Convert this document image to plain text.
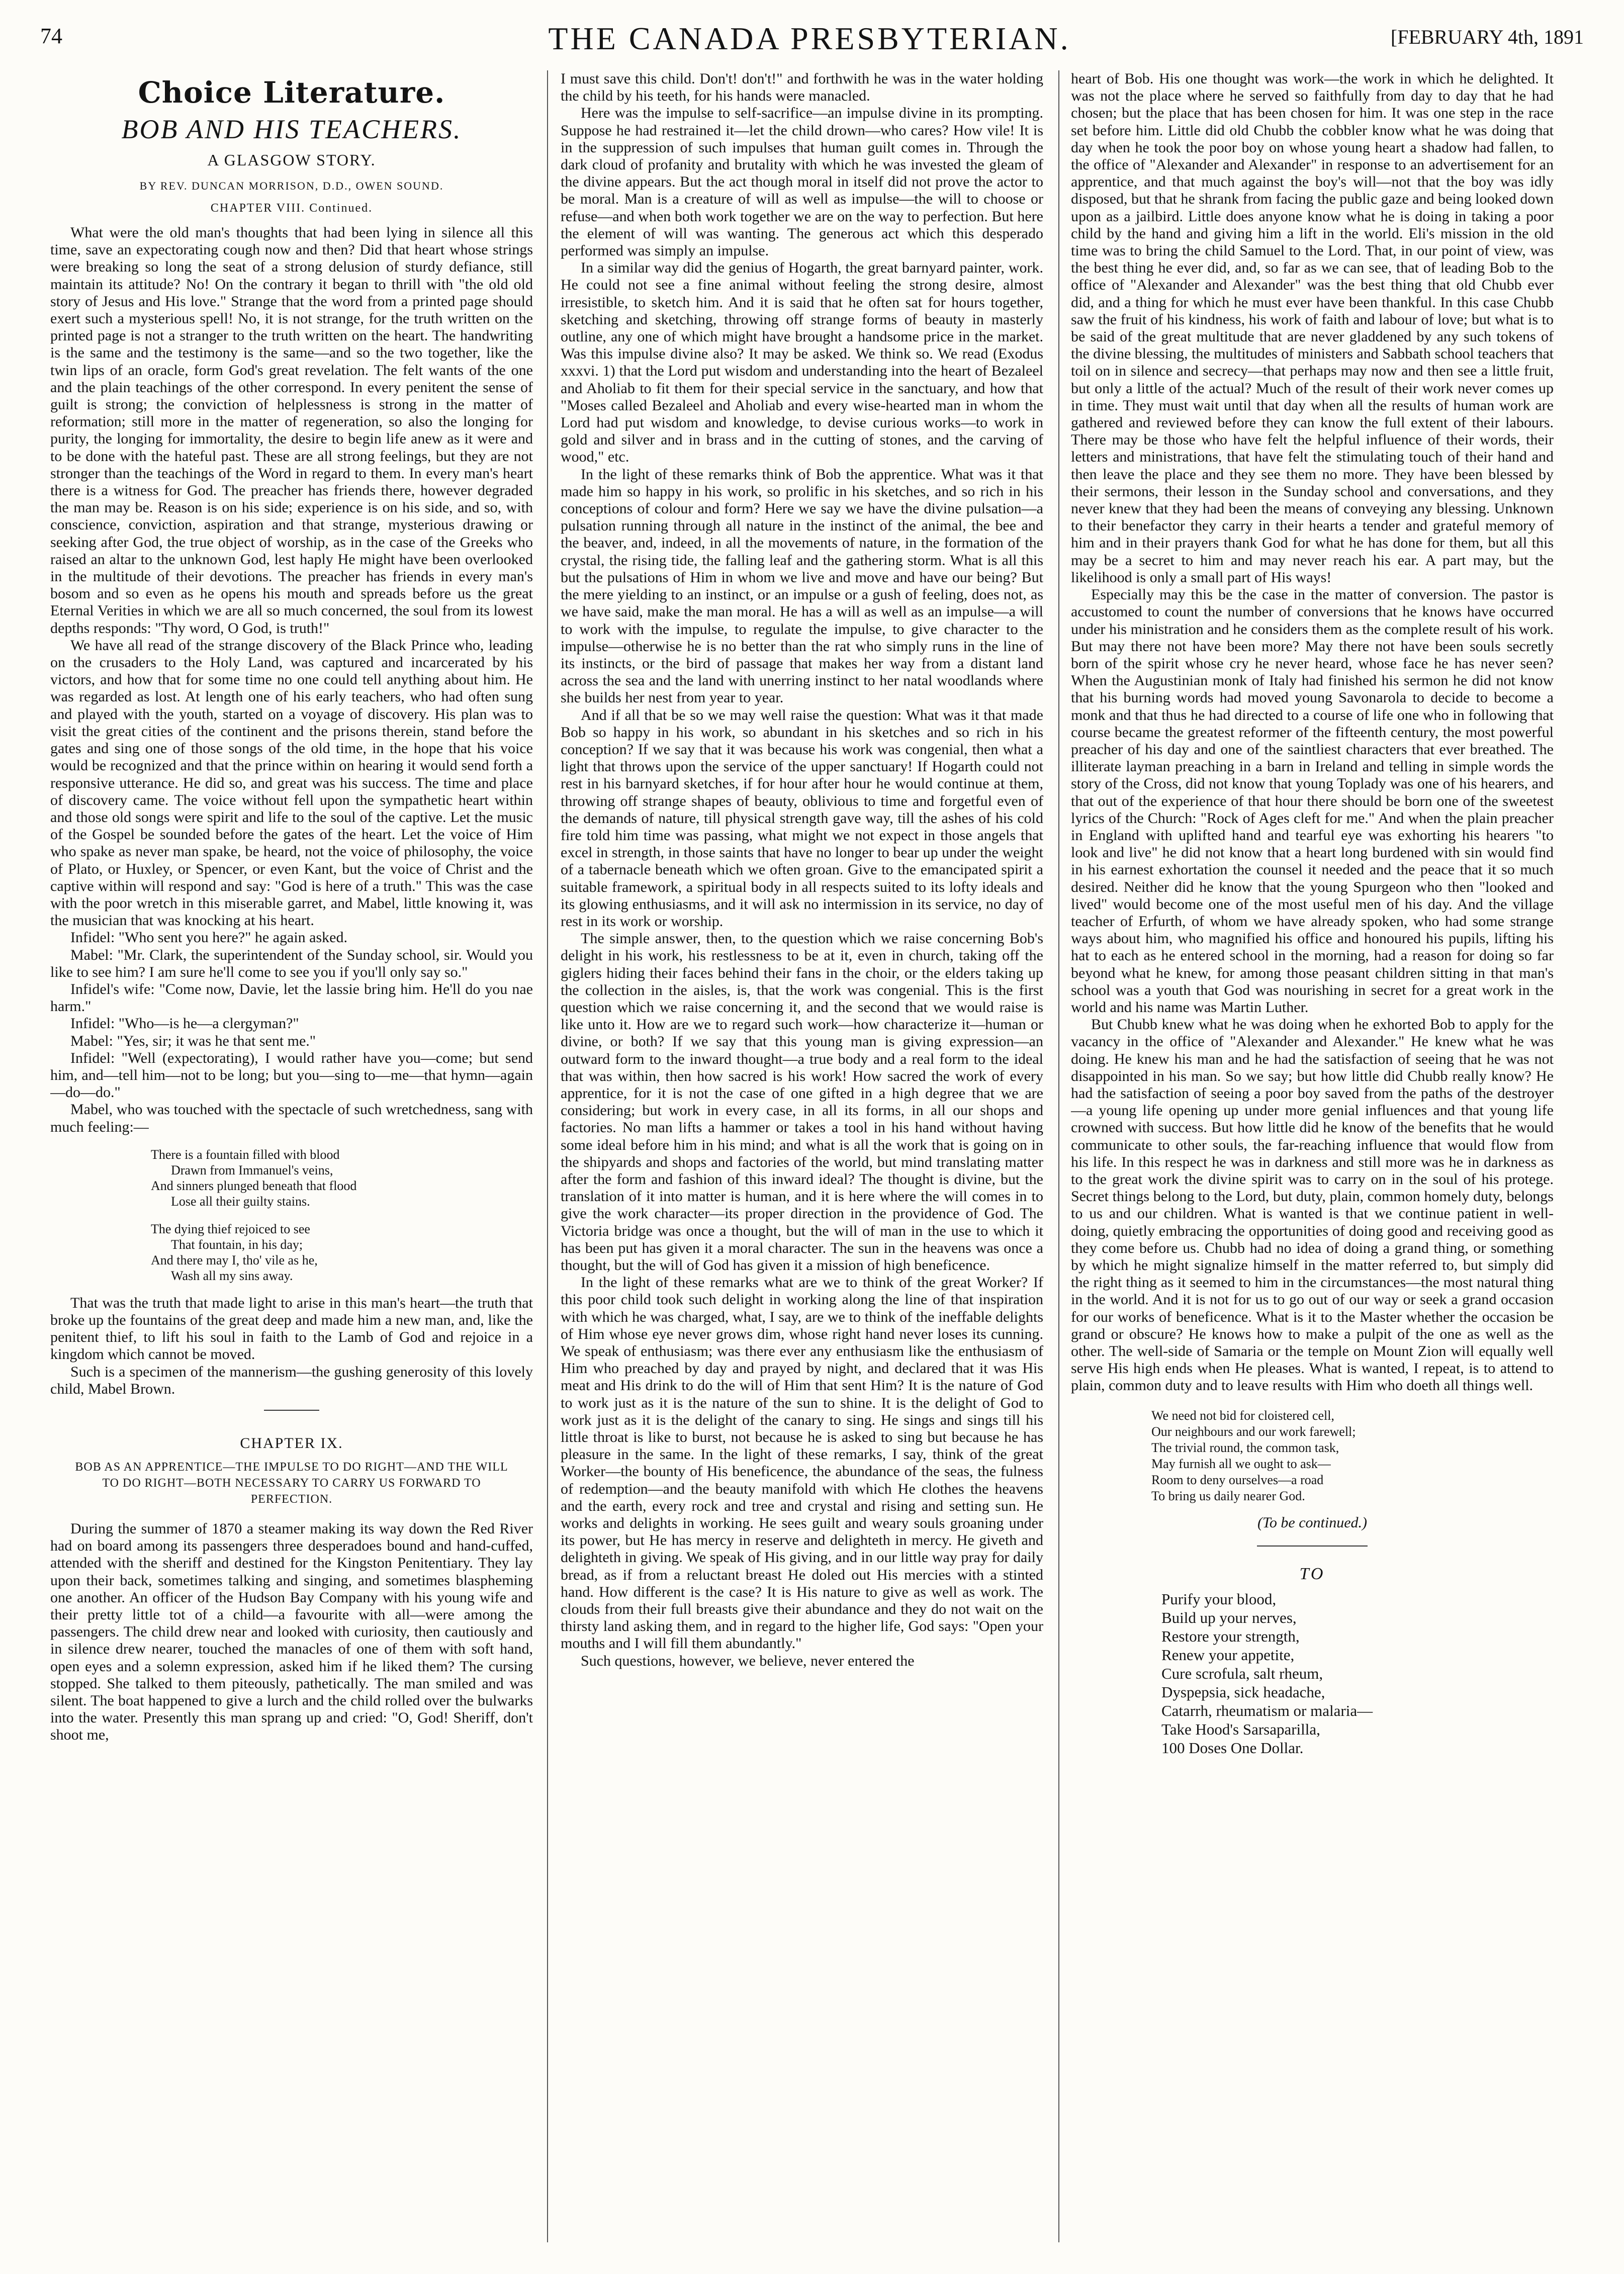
74	THE CANADA PRESBYTERIAN.	[FEBRUARY 4th, 1891
Choice Literature.
BOB AND HIS TEACHERS.
A GLASGOW STORY.
BY REV. DUNCAN MORRISON, D.D., OWEN SOUND.
CHAPTER VIII. Continued.

What were the old man's thoughts that had been lying in silence all this time, save an expectorating cough now and then? Did that heart whose strings were breaking so long the seat of a strong delusion of sturdy defiance, still maintain its attitude? No! On the contrary it began to thrill with "the old old story of Jesus and His love." Strange that the word from a printed page should exert such a mysterious spell! No, it is not strange, for the truth written on the printed page is not a stranger to the truth written on the heart. The handwriting is the same and the testimony is the same—and so the two together, like the twin lips of an oracle, form God's great revelation. The felt wants of the one and the plain teachings of the other correspond. In every penitent the sense of guilt is strong; the conviction of helplessness is strong in the matter of reformation; still more in the matter of regeneration, so also the longing for purity, the longing for immortality, the desire to begin life anew as it were and to be done with the hateful past. These are all strong feelings, but they are not stronger than the teachings of the Word in regard to them. In every man's heart there is a witness for God. The preacher has friends there, however degraded the man may be. Reason is on his side; experience is on his side, and so, with conscience, conviction, aspiration and that strange, mysterious drawing or seeking after God, the true object of worship, as in the case of the Greeks who raised an altar to the unknown God, lest haply He might have been overlooked in the multitude of their devotions. The preacher has friends in every man's bosom and so even as he opens his mouth and spreads before us the great Eternal Verities in which we are all so much concerned, the soul from its lowest depths responds: "Thy word, O God, is truth!"

We have all read of the strange discovery of the Black Prince who, leading on the crusaders to the Holy Land, was captured and incarcerated by his victors, and how that for some time no one could tell anything about him. He was regarded as lost. At length one of his early teachers, who had often sung and played with the youth, started on a voyage of discovery. His plan was to visit the great cities of the continent and the prisons therein, stand before the gates and sing one of those songs of the old time, in the hope that his voice would be recognized and that the prince within on hearing it would send forth a responsive utterance. He did so, and great was his success. The time and place of discovery came. The voice without fell upon the sympathetic heart within and those old songs were spirit and life to the soul of the captive. Let the music of the Gospel be sounded before the gates of the heart. Let the voice of Him who spake as never man spake, be heard, not the voice of philosophy, the voice of Plato, or Huxley, or Spencer, or even Kant, but the voice of Christ and the captive within will respond and say: "God is here of a truth." This was the case with the poor wretch in this miserable garret, and Mabel, little knowing it, was the musician that was knocking at his heart.

Infidel: "Who sent you here?" he again asked.

Mabel: "Mr. Clark, the superintendent of the Sunday school, sir. Would you like to see him? I am sure he'll come to see you if you'll only say so."

Infidel's wife: "Come now, Davie, let the lassie bring him. He'll do you nae harm."

Infidel: "Who—is he—a clergyman?"

Mabel: "Yes, sir; it was he that sent me."

Infidel: "Well (expectorating), I would rather have you—come; but send him, and—tell him—not to be long; but you—sing to—me—that hymn—again—do—do."

Mabel, who was touched with the spectacle of such wretchedness, sang with much feeling:—

There is a fountain filled with blood
Drawn from Immanuel's veins,
And sinners plunged beneath that flood
Lose all their guilty stains.
The dying thief rejoiced to see
That fountain, in his day;
And there may I, tho' vile as he,
Wash all my sins away.

That was the truth that made light to arise in this man's heart—the truth that broke up the fountains of the great deep and made him a new man, and, like the penitent thief, to lift his soul in faith to the Lamb of God and rejoice in a kingdom which cannot be moved.

Such is a specimen of the mannerism—the gushing generosity of this lovely child, Mabel Brown.

CHAPTER IX.
BOB AS AN APPRENTICE—THE IMPULSE TO DO RIGHT—AND THE WILL TO DO RIGHT—BOTH NECESSARY TO CARRY US FORWARD TO PERFECTION.

During the summer of 1870 a steamer making its way down the Red River had on board among its passengers three desperadoes bound and hand-cuffed, attended with the sheriff and destined for the Kingston Penitentiary. They lay upon their back, sometimes talking and singing, and sometimes blaspheming one another. An officer of the Hudson Bay Company with his young wife and their pretty little tot of a child—a favourite with all—were among the passengers. The child drew near and looked with curiosity, then cautiously and in silence drew nearer, touched the manacles of one of them with soft hand, open eyes and a solemn expression, asked him if he liked them? The cursing stopped. She talked to them piteously, pathetically. The man smiled and was silent. The boat happened to give a lurch and the child rolled over the bulwarks into the water. Presently this man sprang up and cried: "O, God! Sheriff, don't shoot me,

I must save this child. Don't! don't!" and forthwith he was in the water holding the child by his teeth, for his hands were manacled.

Here was the impulse to self-sacrifice—an impulse divine in its prompting. Suppose he had restrained it—let the child drown—who cares? How vile! It is in the suppression of such impulses that human guilt comes in. Through the dark cloud of profanity and brutality with which he was invested the gleam of the divine appears. But the act though moral in itself did not prove the actor to be moral. Man is a creature of will as well as impulse—the will to choose or refuse—and when both work together we are on the way to perfection. But here the element of will was wanting. The generous act which this desperado performed was simply an impulse.

In a similar way did the genius of Hogarth, the great barnyard painter, work. He could not see a fine animal without feeling the strong desire, almost irresistible, to sketch him. And it is said that he often sat for hours together, sketching and sketching, throwing off strange forms of beauty in masterly outline, any one of which might have brought a handsome price in the market. Was this impulse divine also? It may be asked. We think so. We read (Exodus xxxvi. 1) that the Lord put wisdom and understanding into the heart of Bezaleel and Aholiab to fit them for their special service in the sanctuary, and how that "Moses called Bezaleel and Aholiab and every wise-hearted man in whom the Lord had put wisdom and knowledge, to devise curious works—to work in gold and silver and in brass and in the cutting of stones, and the carving of wood," etc.

In the light of these remarks think of Bob the apprentice. What was it that made him so happy in his work, so prolific in his sketches, and so rich in his conceptions of colour and form? Here we say we have the divine pulsation—a pulsation running through all nature in the instinct of the animal, the bee and the beaver, and, indeed, in all the movements of nature, in the formation of the crystal, the rising tide, the falling leaf and the gathering storm. What is all this but the pulsations of Him in whom we live and move and have our being? But the mere yielding to an instinct, or an impulse or a gush of feeling, does not, as we have said, make the man moral. He has a will as well as an impulse—a will to work with the impulse, to regulate the impulse, to give character to the impulse—otherwise he is no better than the rat who simply runs in the line of its instincts, or the bird of passage that makes her way from a distant land across the sea and the land with unerring instinct to her natal woodlands where she builds her nest from year to year.

And if all that be so we may well raise the question: What was it that made Bob so happy in his work, so abundant in his sketches and so rich in his conception? If we say that it was because his work was congenial, then what a light that throws upon the service of the upper sanctuary! If Hogarth could not rest in his barnyard sketches, if for hour after hour he would continue at them, throwing off strange shapes of beauty, oblivious to time and forgetful even of the demands of nature, till physical strength gave way, till the ashes of his cold fire told him time was passing, what might we not expect in those angels that excel in strength, in those saints that have no longer to bear up under the weight of a tabernacle beneath which we often groan. Give to the emancipated spirit a suitable framework, a spiritual body in all respects suited to its lofty ideals and its glowing enthusiasms, and it will ask no intermission in its service, no day of rest in its work or worship.

The simple answer, then, to the question which we raise concerning Bob's delight in his work, his restlessness to be at it, even in church, taking off the giglers hiding their faces behind their fans in the choir, or the elders taking up the collection in the aisles, is, that the work was congenial. This is the first question which we raise concerning it, and the second that we would raise is like unto it. How are we to regard such work—how characterize it—human or divine, or both? If we say that this young man is giving expression—an outward form to the inward thought—a true body and a real form to the ideal that was within, then how sacred is his work! How sacred the work of every apprentice, for it is not the case of one gifted in a high degree that we are considering; but work in every case, in all its forms, in all our shops and factories. No man lifts a hammer or takes a tool in his hand without having some ideal before him in his mind; and what is all the work that is going on in the shipyards and shops and factories of the world, but mind translating matter after the form and fashion of this inward ideal? The thought is divine, but the translation of it into matter is human, and it is here where the will comes in to give the work character—its proper direction in the providence of God. The Victoria bridge was once a thought, but the will of man in the use to which it has been put has given it a moral character. The sun in the heavens was once a thought, but the will of God has given it a mission of high beneficence.

In the light of these remarks what are we to think of the great Worker? If this poor child took such delight in working along the line of that inspiration with which he was charged, what, I say, are we to think of the ineffable delights of Him whose eye never grows dim, whose right hand never loses its cunning. We speak of enthusiasm; was there ever any enthusiasm like the enthusiasm of Him who preached by day and prayed by night, and declared that it was His meat and His drink to do the will of Him that sent Him? It is the nature of God to work just as it is the nature of the sun to shine. It is the delight of God to work just as it is the delight of the canary to sing. He sings and sings till his little throat is like to burst, not because he is asked to sing but because he has pleasure in the same. In the light of these remarks, I say, think of the great Worker—the bounty of His beneficence, the abundance of the seas, the fulness of redemption—and the beauty manifold with which He clothes the heavens and the earth, every rock and tree and crystal and rising and setting sun. He works and delights in working. He sees guilt and weary souls groaning under its power, but He has mercy in reserve and delighteth in mercy. He giveth and delighteth in giving. We speak of His giving, and in our little way pray for daily bread, as if from a reluctant breast He doled out His mercies with a stinted hand. How different is the case? It is His nature to give as well as work. The clouds from their full breasts give their abundance and they do not wait on the thirsty land asking them, and in regard to the higher life, God says: "Open your mouths and I will fill them abundantly."

Such questions, however, we believe, never entered the

heart of Bob. His one thought was work—the work in which he delighted. It was not the place where he served so faithfully from day to day that he had chosen; but the place that has been chosen for him. It was one step in the race set before him. Little did old Chubb the cobbler know what he was doing that day when he took the poor boy on whose young heart a shadow had fallen, to the office of "Alexander and Alexander" in response to an advertisement for an apprentice, and that much against the boy's will—not that the boy was idly disposed, but that he shrank from facing the public gaze and being looked down upon as a jailbird. Little does anyone know what he is doing in taking a poor child by the hand and giving him a lift in the world. Eli's mission in the old time was to bring the child Samuel to the Lord. That, in our point of view, was the best thing he ever did, and, so far as we can see, that of leading Bob to the office of "Alexander and Alexander" was the best thing that old Chubb ever did, and a thing for which he must ever have been thankful. In this case Chubb saw the fruit of his kindness, his work of faith and labour of love; but what is to be said of the great multitude that are never gladdened by any such tokens of the divine blessing, the multitudes of ministers and Sabbath school teachers that toil on in silence and secrecy—that perhaps may now and then see a little fruit, but only a little of the actual? Much of the result of their work never comes up in time. They must wait until that day when all the results of human work are gathered and reviewed before they can know the full extent of their labours. There may be those who have felt the helpful influence of their words, their letters and ministrations, that have felt the stimulating touch of their hand and then leave the place and they see them no more. They have been blessed by their sermons, their lesson in the Sunday school and conversations, and they never knew that they had been the means of conveying any blessing. Unknown to their benefactor they carry in their hearts a tender and grateful memory of him and in their prayers thank God for what he has done for them, but all this may be a secret to him and may never reach his ear. A part may, but the likelihood is only a small part of His ways!

Especially may this be the case in the matter of conversion. The pastor is accustomed to count the number of conversions that he knows have occurred under his ministration and he considers them as the complete result of his work. But may there not have been more? May there not have been souls secretly born of the spirit whose cry he never heard, whose face he has never seen? When the Augustinian monk of Italy had finished his sermon he did not know that his burning words had moved young Savonarola to decide to become a monk and that thus he had directed to a course of life one who in following that course became the greatest reformer of the fifteenth century, the most powerful preacher of his day and one of the saintliest characters that ever breathed. The illiterate layman preaching in a barn in Ireland and telling in simple words the story of the Cross, did not know that young Toplady was one of his hearers, and that out of the experience of that hour there should be born one of the sweetest lyrics of the Church: "Rock of Ages cleft for me." And when the plain preacher in England with uplifted hand and tearful eye was exhorting his hearers "to look and live" he did not know that a heart long burdened with sin would find in his earnest exhortation the counsel it needed and the peace that it so much desired. Neither did he know that the young Spurgeon who then "looked and lived" would become one of the most useful men of his day. And the village teacher of Erfurth, of whom we have already spoken, who had some strange ways about him, who magnified his office and honoured his pupils, lifting his hat to each as he entered school in the morning, had a reason for doing so far beyond what he knew, for among those peasant children sitting in that man's school was a youth that God was nourishing in secret for a great work in the world and his name was Martin Luther.

But Chubb knew what he was doing when he exhorted Bob to apply for the vacancy in the office of "Alexander and Alexander." He knew what he was doing. He knew his man and he had the satisfaction of seeing that he was not disappointed in his man. So we say; but how little did Chubb really know? He had the satisfaction of seeing a poor boy saved from the paths of the destroyer—a young life opening up under more genial influences and that young life crowned with success. But how little did he know of the benefits that he would communicate to other souls, the far-reaching influence that would flow from his life. In this respect he was in darkness and still more was he in darkness as to the great work the divine spirit was to carry on in the soul of his protege. Secret things belong to the Lord, but duty, plain, common homely duty, belongs to us and our children. What is wanted is that we continue patient in well-doing, quietly embracing the opportunities of doing good and receiving good as they come before us. Chubb had no idea of doing a grand thing, or something by which he might signalize himself in the matter referred to, but simply did the right thing as it seemed to him in the circumstances—the most natural thing in the world. And it is not for us to go out of our way or seek a grand occasion for our works of beneficence. What is it to the Master whether the occasion be grand or obscure? He knows how to make a pulpit of the one as well as the other. The well-side of Samaria or the temple on Mount Zion will equally well serve His high ends when He pleases. What is wanted, I repeat, is to attend to plain, common duty and to leave results with Him who doeth all things well.

We need not bid for cloistered cell,
Our neighbours and our work farewell;
The trivial round, the common task,
May furnish all we ought to ask—
Room to deny ourselves—a road
To bring us daily nearer God.
(To be continued.)
TO
Purify your blood,
Build up your nerves,
Restore your strength,
Renew your appetite,
Cure scrofula, salt rheum,
Dyspepsia, sick headache,
Catarrh, rheumatism or malaria—
Take Hood's Sarsaparilla,
100 Doses One Dollar.
